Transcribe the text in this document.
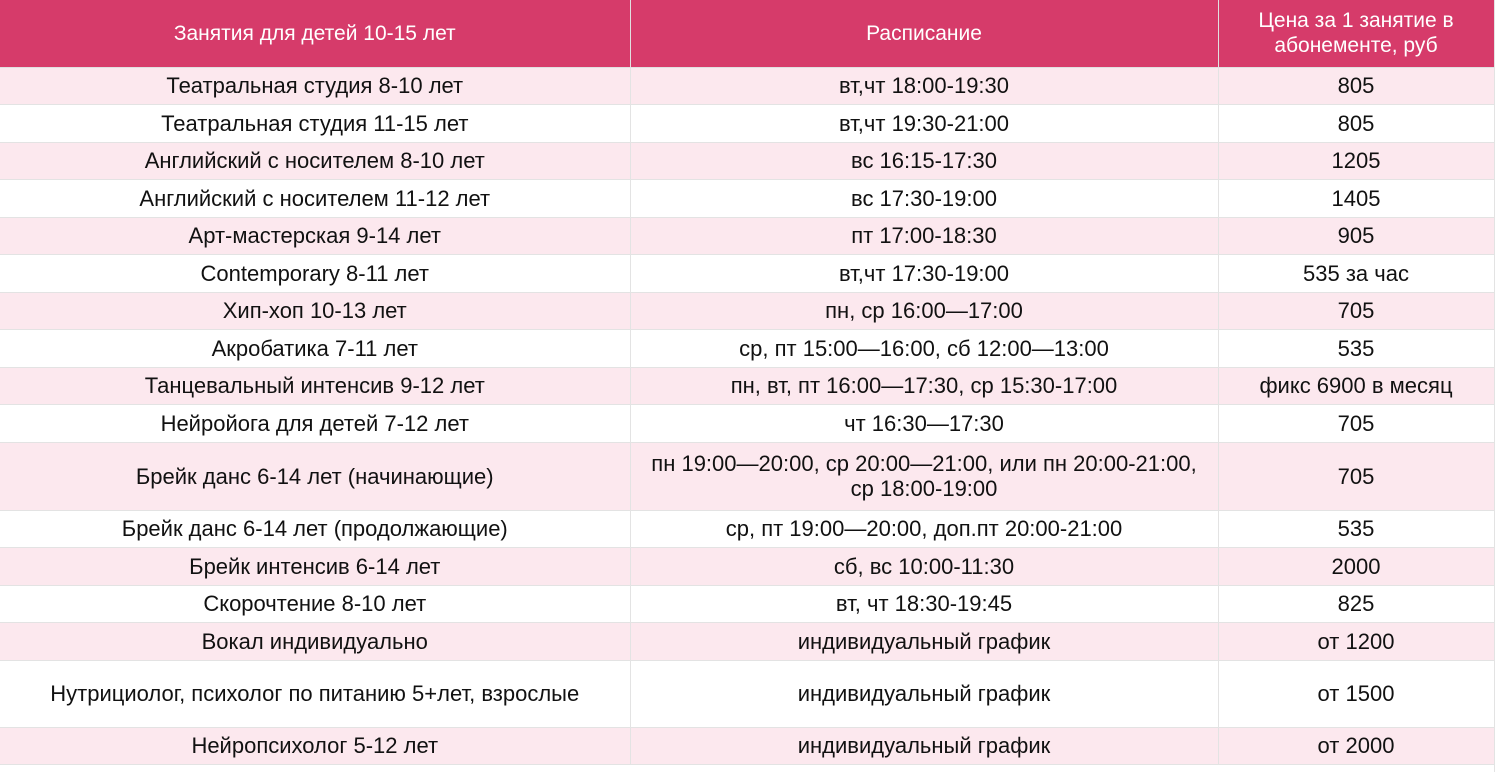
Занятия для детей 10-15 лет	Расписание	Цена за 1 занятие в абонементе, руб
Театральная студия 8-10 лет	вт,чт 18:00-19:30	805
Театральная студия 11-15 лет	вт,чт 19:30-21:00	805
Английский с носителем 8-10 лет	вс 16:15-17:30	1205
Английский с носителем 11-12 лет	вс 17:30-19:00	1405
Арт-мастерская 9-14 лет	пт 17:00-18:30	905
Contemporary 8-11 лет	вт,чт 17:30-19:00	535 за час
Хип-хоп 10-13 лет	пн, ср 16:00—17:00	705
Акробатика 7-11 лет	ср, пт 15:00—16:00, сб 12:00—13:00	535
Танцевальный интенсив 9-12 лет	пн, вт, пт 16:00—17:30, ср 15:30-17:00	фикс 6900 в месяц
Нейройога для детей 7-12 лет	чт 16:30—17:30	705
Брейк данс 6-14 лет (начинающие)	пн 19:00—20:00, ср 20:00—21:00, или пн 20:00-21:00, ср 18:00-19:00	705
Брейк данс 6-14 лет (продолжающие)	ср, пт 19:00—20:00, доп.пт 20:00-21:00	535
Брейк интенсив 6-14 лет	сб, вс 10:00-11:30	2000
Скорочтение 8-10 лет	вт, чт 18:30-19:45	825
Вокал индивидуально	индивидуальный график	от 1200
Нутрициолог, психолог по питанию 5+лет, взрослые	индивидуальный график	от 1500
Нейропсихолог 5-12 лет	индивидуальный график	от 2000
